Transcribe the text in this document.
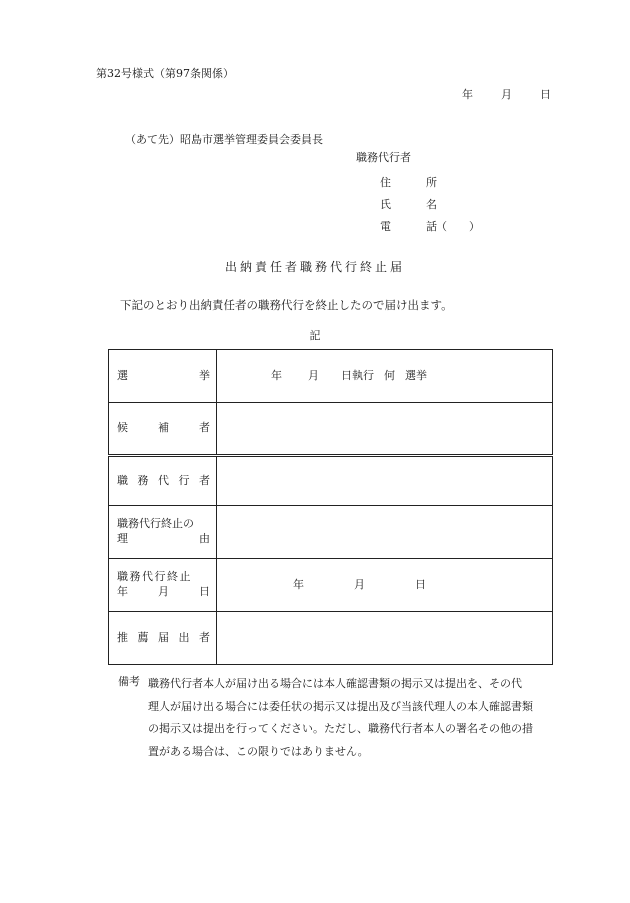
第32号様式（第97条関係）
年	月	日
（あて先）昭島市選挙管理委員会委員長
職務代行者
住	所
氏	名
電	話 （　　）
出納責任者職務代行終止届
下記のとおり出納責任者の職務代行を終止したので届け出ます。
記
選 挙	年 月 日執行 何 選挙

候 補 者	

職 務 代 行 者	

職務代行終止の
理 由	

職務代行終止
年 月 日	年 月 日

推 薦 届 出 者	

備考 職務代行者本人が届け出る場合には本人確認書類の掲示又は提出を、その代
理人が届け出る場合には委任状の掲示又は提出及び当該代理人の本人確認書類
の掲示又は提出を行ってください。ただし、職務代行者本人の署名その他の措
置がある場合は、この限りではありません。
